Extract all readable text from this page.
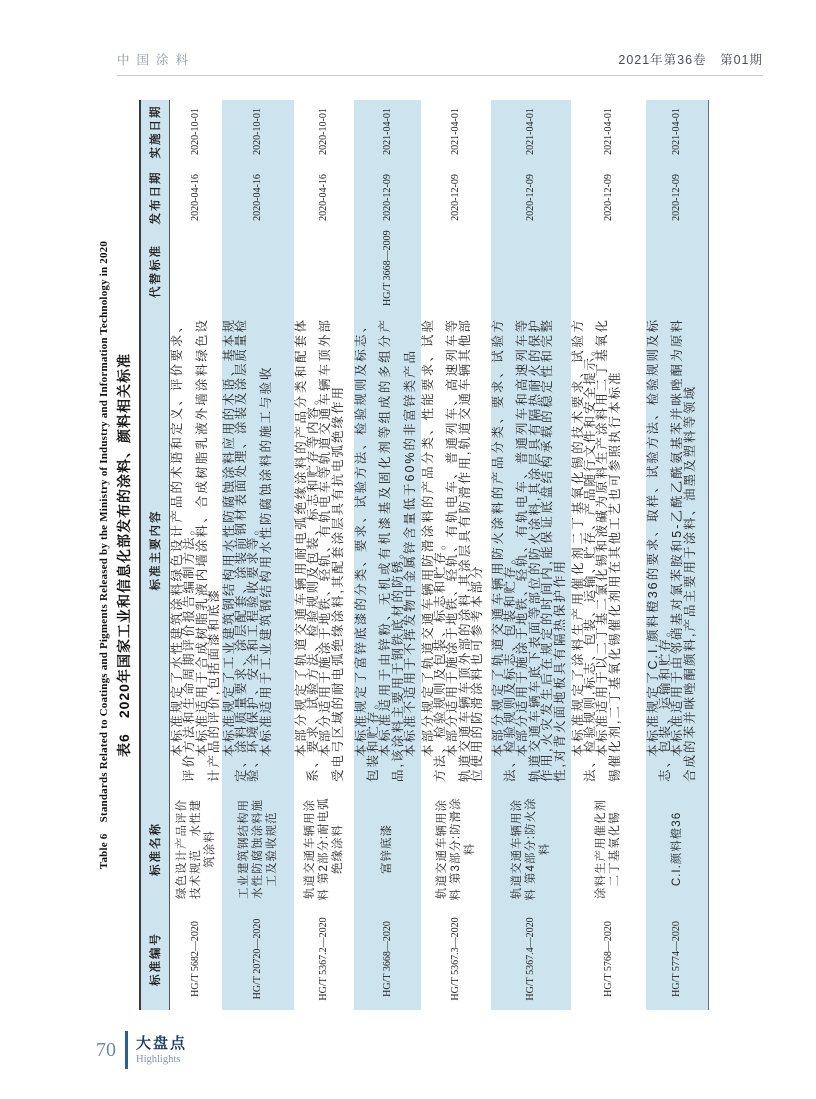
中国涂料	2021年第36卷　第01期

Table 6　Standards Related to Coatings and Pigments Released by the Ministry of Industry and Information Technology in 2020 表6　2020年国家工业和信息化部发布的涂料、颜料相关标准

标准编号	标准名称	标准主要内容	代替标准	发布日期	实施日期
HG/T 5682—2020	绿色设计产品评价技术规范　水性建筑涂料	本标准规定了水性建筑涂料绿色设计产品的术语和定义、评价要求、评价方法和生命周期评价报告编制方法。

本标准适用于合成树脂乳液内墙涂料、合成树脂乳液外墙涂料绿色设计产品的评价,包括面漆和底漆		2020-04-16	2020-10-01
HG/T 20720—2020	工业建筑钢结构用水性防腐蚀涂料施工及验收规范	本标准规定了工业建筑钢结构用水性防腐蚀涂料应用的术语、基本规定、涂料质量要求、涂层配套、涂装前钢材表面处理、涂装及涂层质量检验、环境保护、安全和工程验收要求等。

本标准适用于工业建筑钢结构用水性防腐蚀涂料的施工与验收		2020-04-16	2020-10-01
HG/T 5367.2—2020	轨道交通车辆用涂料 第2部分:耐电弧绝缘涂料	本部分规定了轨道交通车辆用耐电弧绝缘涂料的产品分类和配套体系、要求、试验方法、检验规则及包装、标志和贮存等内容。

本部分适用于施涂于地铁、轻轨、有轨电车等轨道交通车辆车顶外部受电弓区域的耐电弧绝缘涂料,其配套涂层具有抗电弧绝缘作用		2020-04-16	2020-10-01
HG/T 3668—2020	富锌底漆	本标准规定了富锌底漆的分类、要求、试验方法、检验规则及标志、包装和贮存。

本标准适用于由锌粉、无机或有机漆基及固化剂等组成的多组分产品,该涂料主要用于钢铁底材的防锈。

本标准不适用于不挥发物中金属锌含量低于60%的非富锌类产品	HG/T 3668—2009	2020-12-09	2021-04-01
HG/T 5367.3—2020	轨道交通车辆用涂料 第3部分:防滑涂料	本部分规定了轨道交通车辆用防滑涂料的产品分类、性能要求、试验方法、检验规则及包装、标志和贮存。

本部分适用于施涂于地铁、轻轨、有轨电车、普通列车、高速列车等轨道交通车辆车顶外部的涂料,其涂层具有防滑作用,轨道交通车辆其他部位使用的防滑涂料也可参考本部分		2020-12-09	2021-04-01
HG/T 5367.4—2020	轨道交通车辆用涂料 第4部分:防火涂料	本部分规定了轨道交通车辆用防火涂料的产品分类、要求、试验方法、检验规则及标志、包装和贮存。

本部分适用于施涂于地铁、轻轨、有轨电车、普通列车和高速列车等轨道交通车辆车底下表面等部位的防火涂料,其涂层具有隔热耐火的保护作用,火灾发生后在规定的时间内,能保证底盘结构承载的稳定性和完整性,对背火面地板具有隔热保护作用		2020-12-09	2021-04-01
HG/T 5768—2020	涂料生产用催化剂 二丁基氧化锡	本标准规定了涂料生产用催化剂二丁基氧化锡的技术要求、试验方法、检验规则,标志、包装、运输、贮存、产品随行文件和安全提示。

本标准适用于以二丁基二氯化锡和液碱为原料生产涂料用二丁基氧化锡催化剂,二丁基氧化锡催化剂用在其他工艺也可参照执行本标准		2020-12-09	2021-04-01
HG/T 5774—2020	C.I.颜料橙36	本标准规定了C.I.颜料橙36的要求、取样、试验方法、检验规则及标志、包装、运输和贮存。

本标准适用于由邻硝基对氯苯胺和5-乙酰乙酰氨基苯并咪唑酮为原料合成的苯并咪唑酮颜料,产品主要用于涂料、油墨及塑料等领域		2020-12-09	2021-04-01
70 大盘点
Highlights
